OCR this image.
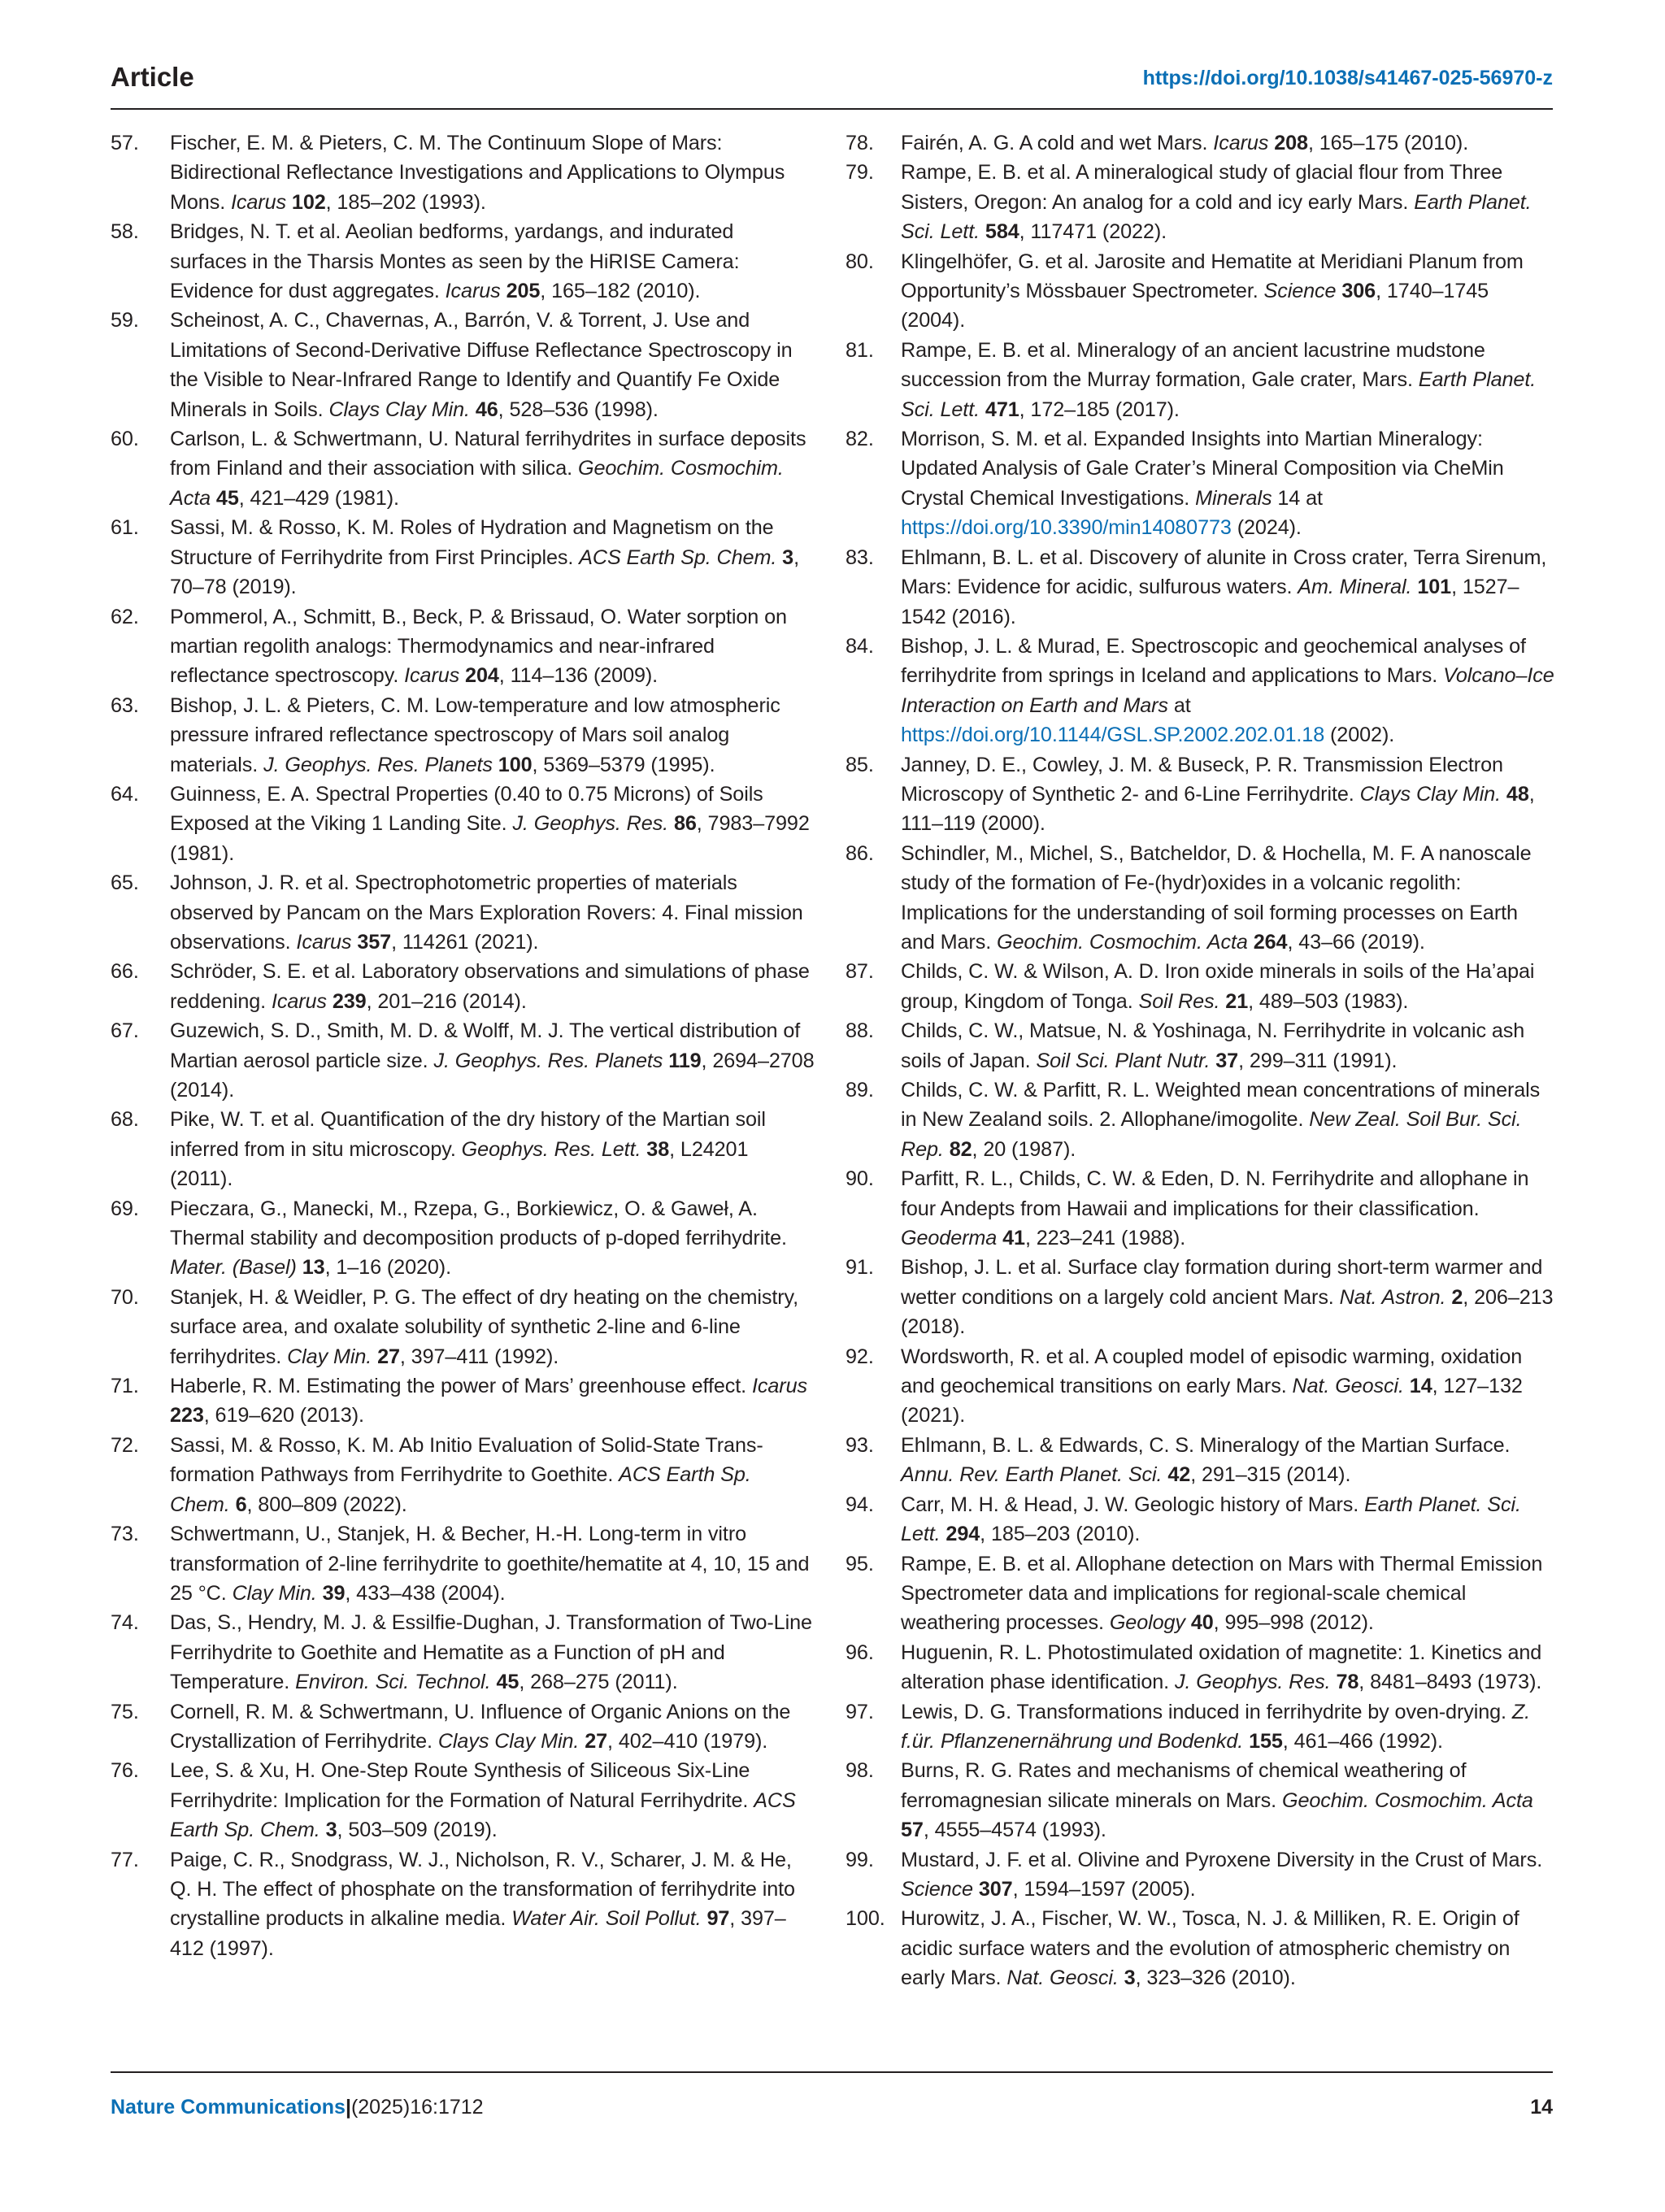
Article	https://doi.org/10.1038/s41467-025-56970-z
57.	Fischer, E. M. & Pieters, C. M. The Continuum Slope of Mars: Bidirectional Reflectance Investigations and Applications to Olympus Mons. Icarus 102, 185–202 (1993).
58.	Bridges, N. T. et al. Aeolian bedforms, yardangs, and indurated surfaces in the Tharsis Montes as seen by the HiRISE Camera: Evidence for dust aggregates. Icarus 205, 165–182 (2010).
59.	Scheinost, A. C., Chavernas, A., Barrón, V. & Torrent, J. Use and Limitations of Second-Derivative Diffuse Reflectance Spectroscopy in the Visible to Near-Infrared Range to Identify and Quantify Fe Oxide Minerals in Soils. Clays Clay Min. 46, 528–536 (1998).
60.	Carlson, L. & Schwertmann, U. Natural ferrihydrites in surface deposits from Finland and their association with silica. Geochim. Cosmochim. Acta 45, 421–429 (1981).
61.	Sassi, M. & Rosso, K. M. Roles of Hydration and Magnetism on the Structure of Ferrihydrite from First Principles. ACS Earth Sp. Chem. 3, 70–78 (2019).
62.	Pommerol, A., Schmitt, B., Beck, P. & Brissaud, O. Water sorption on martian regolith analogs: Thermodynamics and near-infrared reflectance spectroscopy. Icarus 204, 114–136 (2009).
63.	Bishop, J. L. & Pieters, C. M. Low-temperature and low atmospheric pressure infrared reflectance spectroscopy of Mars soil analog materials. J. Geophys. Res. Planets 100, 5369–5379 (1995).
64.	Guinness, E. A. Spectral Properties (0.40 to 0.75 Microns) of Soils Exposed at the Viking 1 Landing Site. J. Geophys. Res. 86, 7983–7992 (1981).
65.	Johnson, J. R. et al. Spectrophotometric properties of materials observed by Pancam on the Mars Exploration Rovers: 4. Final mission observations. Icarus 357, 114261 (2021).
66.	Schröder, S. E. et al. Laboratory observations and simulations of phase reddening. Icarus 239, 201–216 (2014).
67.	Guzewich, S. D., Smith, M. D. & Wolff, M. J. The vertical distribution of Martian aerosol particle size. J. Geophys. Res. Planets 119, 2694–2708 (2014).
68.	Pike, W. T. et al. Quantification of the dry history of the Martian soil inferred from in situ microscopy. Geophys. Res. Lett. 38, L24201 (2011).
69.	Pieczara, G., Manecki, M., Rzepa, G., Borkiewicz, O. & Gaweł, A. Thermal stability and decomposition products of p-doped ferrihydrite. Mater. (Basel) 13, 1–16 (2020).
70.	Stanjek, H. & Weidler, P. G. The effect of dry heating on the chemistry, surface area, and oxalate solubility of synthetic 2-line and 6-line ferrihydrites. Clay Min. 27, 397–411 (1992).
71.	Haberle, R. M. Estimating the power of Mars’ greenhouse effect. Icarus 223, 619–620 (2013).
72.	Sassi, M. & Rosso, K. M. Ab Initio Evaluation of Solid-State Transformation Pathways from Ferrihydrite to Goethite. ACS Earth Sp. Chem. 6, 800–809 (2022).
73.	Schwertmann, U., Stanjek, H. & Becher, H.-H. Long-term in vitro transformation of 2-line ferrihydrite to goethite/hematite at 4, 10, 15 and 25 °C. Clay Min. 39, 433–438 (2004).
74.	Das, S., Hendry, M. J. & Essilfie-Dughan, J. Transformation of Two-Line Ferrihydrite to Goethite and Hematite as a Function of pH and Temperature. Environ. Sci. Technol. 45, 268–275 (2011).
75.	Cornell, R. M. & Schwertmann, U. Influence of Organic Anions on the Crystallization of Ferrihydrite. Clays Clay Min. 27, 402–410 (1979).
76.	Lee, S. & Xu, H. One-Step Route Synthesis of Siliceous Six-Line Ferrihydrite: Implication for the Formation of Natural Ferrihydrite. ACS Earth Sp. Chem. 3, 503–509 (2019).
77.	Paige, C. R., Snodgrass, W. J., Nicholson, R. V., Scharer, J. M. & He, Q. H. The effect of phosphate on the transformation of ferrihydrite into crystalline products in alkaline media. Water Air. Soil Pollut. 97, 397–412 (1997).
78.	Fairén, A. G. A cold and wet Mars. Icarus 208, 165–175 (2010).
79.	Rampe, E. B. et al. A mineralogical study of glacial flour from Three Sisters, Oregon: An analog for a cold and icy early Mars. Earth Planet. Sci. Lett. 584, 117471 (2022).
80.	Klingelhöfer, G. et al. Jarosite and Hematite at Meridiani Planum from Opportunity’s Mössbauer Spectrometer. Science 306, 1740–1745 (2004).
81.	Rampe, E. B. et al. Mineralogy of an ancient lacustrine mudstone succession from the Murray formation, Gale crater, Mars. Earth Planet. Sci. Lett. 471, 172–185 (2017).
82.	Morrison, S. M. et al. Expanded Insights into Martian Mineralogy: Updated Analysis of Gale Crater’s Mineral Composition via CheMin Crystal Chemical Investigations. Minerals 14 at https://doi.org/10.3390/min14080773 (2024).
83.	Ehlmann, B. L. et al. Discovery of alunite in Cross crater, Terra Sirenum, Mars: Evidence for acidic, sulfurous waters. Am. Mineral. 101, 1527–1542 (2016).
84.	Bishop, J. L. & Murad, E. Spectroscopic and geochemical analyses of ferrihydrite from springs in Iceland and applications to Mars. Volcano–Ice Interaction on Earth and Mars at https://doi.org/10.1144/GSL.SP.2002.202.01.18 (2002).
85.	Janney, D. E., Cowley, J. M. & Buseck, P. R. Transmission Electron Microscopy of Synthetic 2- and 6-Line Ferrihydrite. Clays Clay Min. 48, 111–119 (2000).
86.	Schindler, M., Michel, S., Batcheldor, D. & Hochella, M. F. A nanoscale study of the formation of Fe-(hydr)oxides in a volcanic regolith: Implications for the understanding of soil forming processes on Earth and Mars. Geochim. Cosmochim. Acta 264, 43–66 (2019).
87.	Childs, C. W. & Wilson, A. D. Iron oxide minerals in soils of the Ha’apai group, Kingdom of Tonga. Soil Res. 21, 489–503 (1983).
88.	Childs, C. W., Matsue, N. & Yoshinaga, N. Ferrihydrite in volcanic ash soils of Japan. Soil Sci. Plant Nutr. 37, 299–311 (1991).
89.	Childs, C. W. & Parfitt, R. L. Weighted mean concentrations of minerals in New Zealand soils. 2. Allophane/imogolite. New Zeal. Soil Bur. Sci. Rep. 82, 20 (1987).
90.	Parfitt, R. L., Childs, C. W. & Eden, D. N. Ferrihydrite and allophane in four Andepts from Hawaii and implications for their classification. Geoderma 41, 223–241 (1988).
91.	Bishop, J. L. et al. Surface clay formation during short-term warmer and wetter conditions on a largely cold ancient Mars. Nat. Astron. 2, 206–213 (2018).
92.	Wordsworth, R. et al. A coupled model of episodic warming, oxidation and geochemical transitions on early Mars. Nat. Geosci. 14, 127–132 (2021).
93.	Ehlmann, B. L. & Edwards, C. S. Mineralogy of the Martian Surface. Annu. Rev. Earth Planet. Sci. 42, 291–315 (2014).
94.	Carr, M. H. & Head, J. W. Geologic history of Mars. Earth Planet. Sci. Lett. 294, 185–203 (2010).
95.	Rampe, E. B. et al. Allophane detection on Mars with Thermal Emission Spectrometer data and implications for regional-scale chemical weathering processes. Geology 40, 995–998 (2012).
96.	Huguenin, R. L. Photostimulated oxidation of magnetite: 1. Kinetics and alteration phase identification. J. Geophys. Res. 78, 8481–8493 (1973).
97.	Lewis, D. G. Transformations induced in ferrihydrite by oven-drying. Z. f.ür. Pflanzenernährung und Bodenkd. 155, 461–466 (1992).
98.	Burns, R. G. Rates and mechanisms of chemical weathering of ferromagnesian silicate minerals on Mars. Geochim. Cosmochim. Acta 57, 4555–4574 (1993).
99.	Mustard, J. F. et al. Olivine and Pyroxene Diversity in the Crust of Mars. Science 307, 1594–1597 (2005).
100. Hurowitz, J. A., Fischer, W. W., Tosca, N. J. & Milliken, R. E. Origin of acidic surface waters and the evolution of atmospheric chemistry on early Mars. Nat. Geosci. 3, 323–326 (2010).
Nature Communications|(2025)16:1712	14
